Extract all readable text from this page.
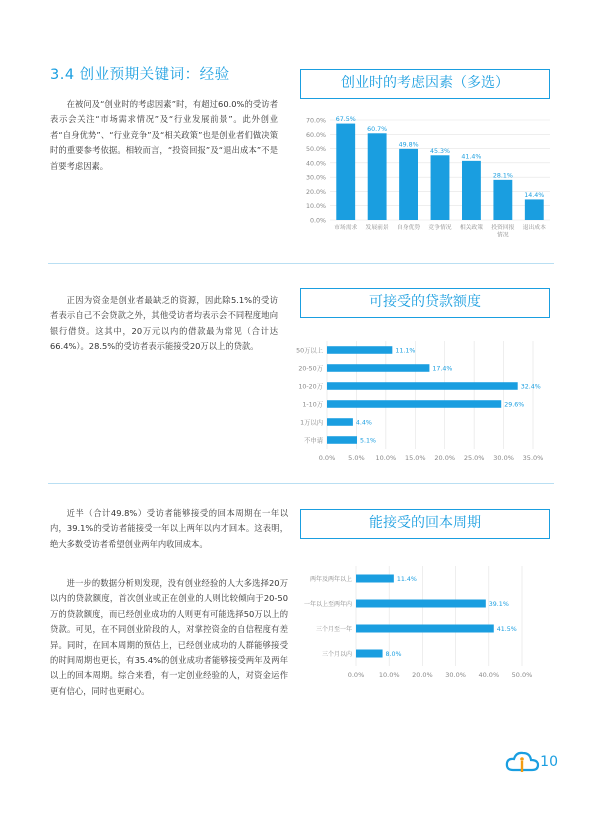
3.4 创业预期关键词：经验
在被问及“创业时的考虑因素”时，有超过60.0%的受访者表示会关注“市场需求情况”及“行业发展前景”。此外创业者“自身优势”、“行业竞争”及“相关政策”也是创业者们做决策时的重要参考依据。相较而言，“投资回报”及“退出成本”不是首要考虑因素。
创业时的考虑因素（多选）
0.0%
10.0%
20.0%
30.0%
40.0%
50.0%
60.0%
70.0% 67.5%
市场需求
60.7%
发展前景
49.8%
自身优势
45.3%
竞争情况
41.4%
相关政策
28.1%
投资回报
情况
14.4%
退出成本
正因为资金是创业者最缺乏的资源，因此除5.1%的受访者表示自己不会贷款之外，其他受访者均表示会不同程度地向银行借贷。这其中，20万元以内的借款最为常见（合计达66.4%）。28.5%的受访者表示能接受20万以上的贷款。
可接受的贷款额度
0.0% 5.0% 10.0% 15.0% 20.0% 25.0% 30.0% 35.0%
11.1%
50万以上
17.4%
20-50万
32.4%
10-20万
29.6%
1-10万
4.4%
1万以内
5.1%
不申请
近半（合计49.8%）受访者能够接受的回本周期在一年以内，39.1%的受访者能接受一年以上两年以内才回本。这表明，绝大多数受访者希望创业两年内收回成本。
进一步的数据分析则发现，没有创业经验的人大多选择20万以内的贷款额度，首次创业或正在创业的人则比较倾向于20-50万的贷款额度，而已经创业成功的人则更有可能选择50万以上的贷款。可见，在不同创业阶段的人，对掌控资金的自信程度有差异。同时，在回本周期的预估上，已经创业成功的人群能够接受的时间周期也更长，有35.4%的创业成功者能够接受两年及两年以上的回本周期。综合来看，有一定创业经验的人，对资金运作更有信心，同时也更耐心。
能接受的回本周期
0.0% 10.0% 20.0% 30.0% 40.0% 50.0%
11.4%
两年及两年以上
39.1%
一年以上至两年内
41.5%
三个月至一年
8.0%
三个月以内
10
